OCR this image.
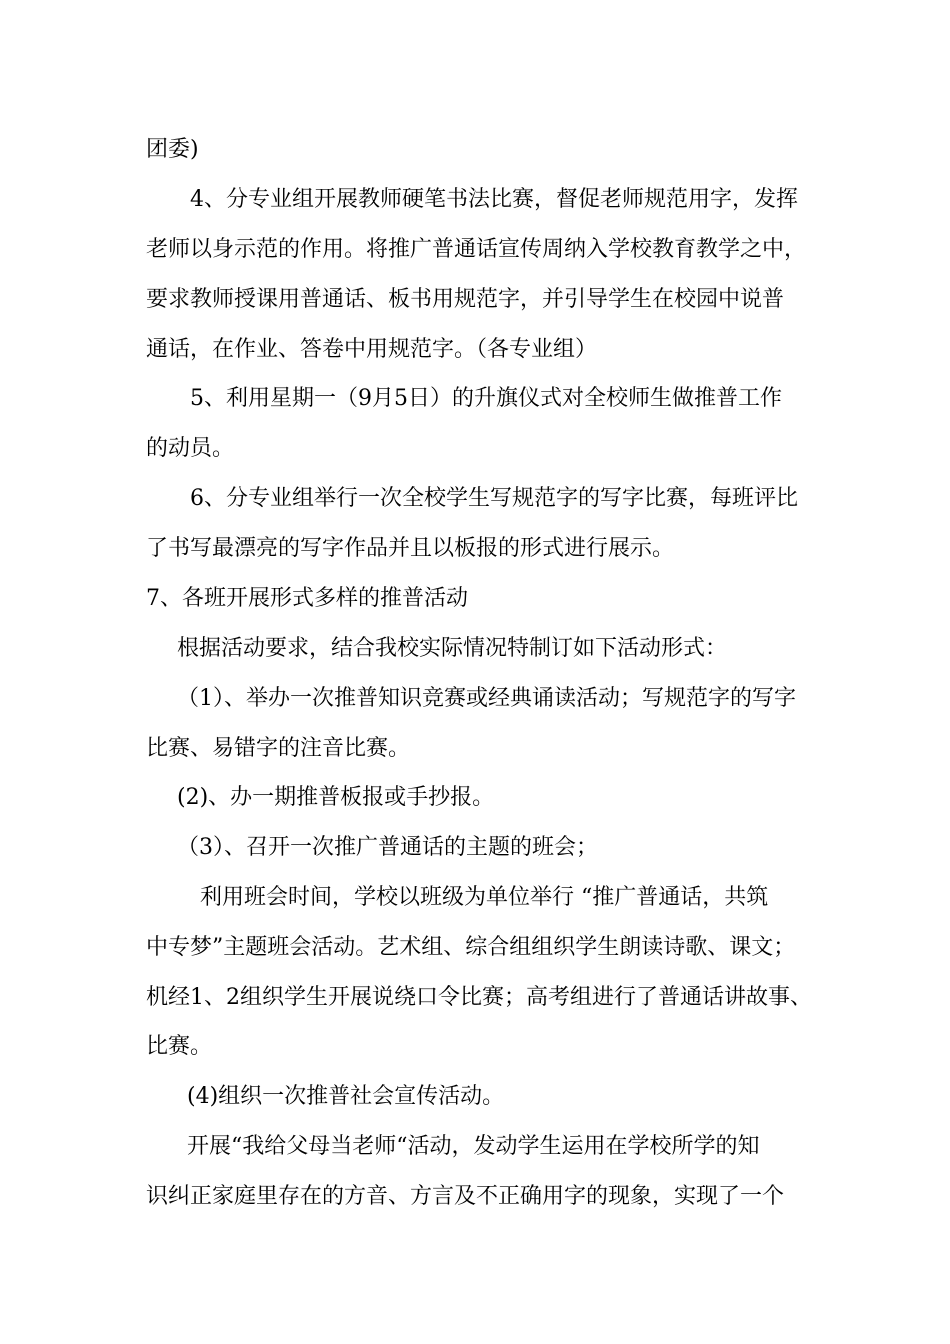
团委)

4、分专业组开展教师硬笔书法比赛，督促老师规范用字，发挥

老师以身示范的作用。将推广普通话宣传周纳入学校教育教学之中，

要求教师授课用普通话、板书用规范字，并引导学生在校园中说普

通话，在作业、答卷中用规范字。（各专业组）

5、利用星期一（9月5日）的升旗仪式对全校师生做推普工作

的动员。

6、分专业组举行一次全校学生写规范字的写字比赛，每班评比

了书写最漂亮的写字作品并且以板报的形式进行展示。

7、各班开展形式多样的推普活动

根据活动要求，结合我校实际情况特制订如下活动形式：

（1）、举办一次推普知识竞赛或经典诵读活动；写规范字的写字

比赛、易错字的注音比赛。

(2)、办一期推普板报或手抄报。

（3）、召开一次推广普通话的主题的班会；

利用班会时间，学校以班级为单位举行 “推广普通话，共筑

中专梦”主题班会活动。艺术组、综合组组织学生朗读诗歌、课文；

机经1、2组织学生开展说绕口令比赛；高考组进行了普通话讲故事、

比赛。

(4)组织一次推普社会宣传活动。

开展“我给父母当老师“活动，发动学生运用在学校所学的知

识纠正家庭里存在的方音、方言及不正确用字的现象，实现了一个
